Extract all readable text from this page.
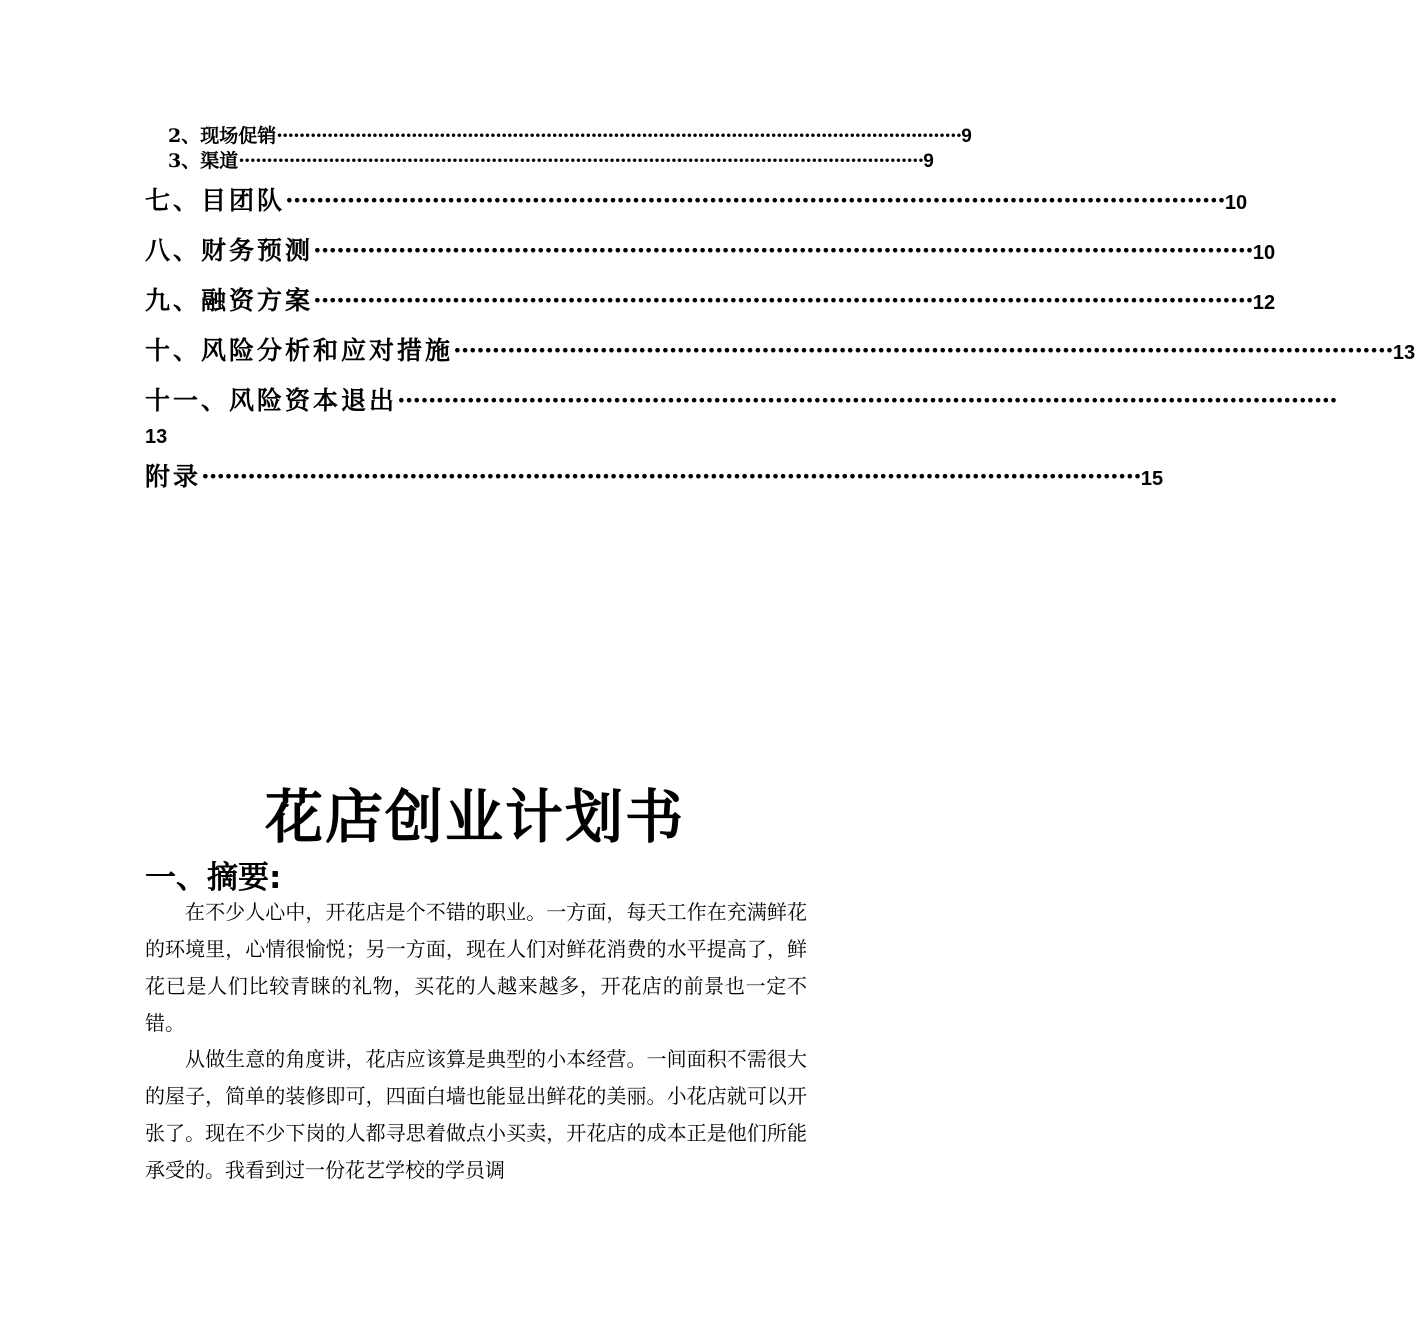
2、现场促销 ·························································································································· 9
3、渠道 ·························································································································· 9
七、目团队 ·························································································································· 10
八、财务预测 ·························································································································· 10
九、融资方案 ·························································································································· 12
十、风险分析和应对措施 ·························································································································· 13
十一、风险资本退出 ··························································································································
13
附录 ·························································································································· 15
花店创业计划书
一、摘要:

在不少人心中，开花店是个不错的职业。一方面，每天工作在充满鲜花的环境里，心情很愉悦；另一方面，现在人们对鲜花消费的水平提高了，鲜花已是人们比较青睐的礼物，买花的人越来越多，开花店的前景也一定不错。

从做生意的角度讲，花店应该算是典型的小本经营。一间面积不需很大的屋子，简单的装修即可，四面白墙也能显出鲜花的美丽。小花店就可以开张了。现在不少下岗的人都寻思着做点小买卖，开花店的成本正是他们所能承受的。我看到过一份花艺学校的学员调
